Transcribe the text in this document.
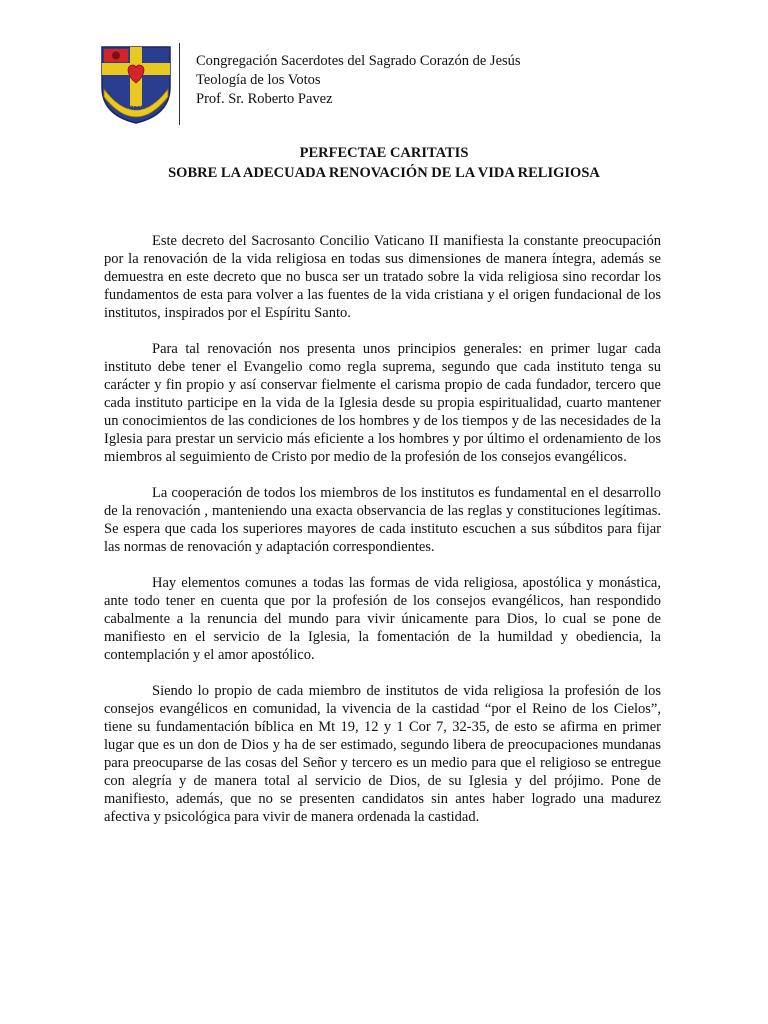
ADVENIAT REGNUM TUUM
Congregación Sacerdotes del Sagrado Corazón de Jesús
Teología de los Votos
Prof. Sr. Roberto Pavez
PERFECTAE CARITATIS
SOBRE LA ADECUADA RENOVACIÓN DE LA VIDA RELIGIOSA

Este decreto del Sacrosanto Concilio Vaticano II manifiesta la constante preocupación por la renovación de la vida religiosa en todas sus dimensiones de manera íntegra, además se demuestra en este decreto que no busca ser un tratado sobre la vida religiosa sino recordar los fundamentos de esta para volver a las fuentes de la vida cristiana y el origen fundacional de los institutos, inspirados por el Espíritu Santo.

Para tal renovación nos presenta unos principios generales: en primer lugar cada instituto debe tener el Evangelio como regla suprema, segundo que cada instituto tenga su carácter y fin propio y así conservar fielmente el carisma propio de cada fundador, tercero que cada instituto participe en la vida de la Iglesia desde su propia espiritualidad, cuarto mantener un conocimientos de las condiciones de los hombres y de los tiempos y de las necesidades de la Iglesia para prestar un servicio más eficiente a los hombres y por último el ordenamiento de los miembros al seguimiento de Cristo por medio de la profesión de los consejos evangélicos.

La cooperación de todos los miembros de los institutos es fundamental en el desarrollo de la renovación , manteniendo una exacta observancia de las reglas y constituciones legítimas. Se espera que cada los superiores mayores de cada instituto escuchen a sus súbditos para fijar las normas de renovación y adaptación correspondientes.

Hay elementos comunes a todas las formas de vida religiosa, apostólica y monástica, ante todo tener en cuenta que por la profesión de los consejos evangélicos, han respondido cabalmente a la renuncia del mundo para vivir únicamente para Dios, lo cual se pone de manifiesto en el servicio de la Iglesia, la fomentación de la humildad y obediencia, la contemplación y el amor apostólico.

Siendo lo propio de cada miembro de institutos de vida religiosa la profesión de los consejos evangélicos en comunidad, la vivencia de la castidad “por el Reino de los Cielos”, tiene su fundamentación bíblica en Mt 19, 12 y 1 Cor 7, 32-35, de esto se afirma en primer lugar que es un don de Dios y ha de ser estimado, segundo libera de preocupaciones mundanas para preocuparse de las cosas del Señor y tercero es un medio para que el religioso se entregue con alegría y de manera total al servicio de Dios, de su Iglesia y del prójimo. Pone de manifiesto, además, que no se presenten candidatos sin antes haber logrado una madurez afectiva y psicológica para vivir de manera ordenada la castidad.
